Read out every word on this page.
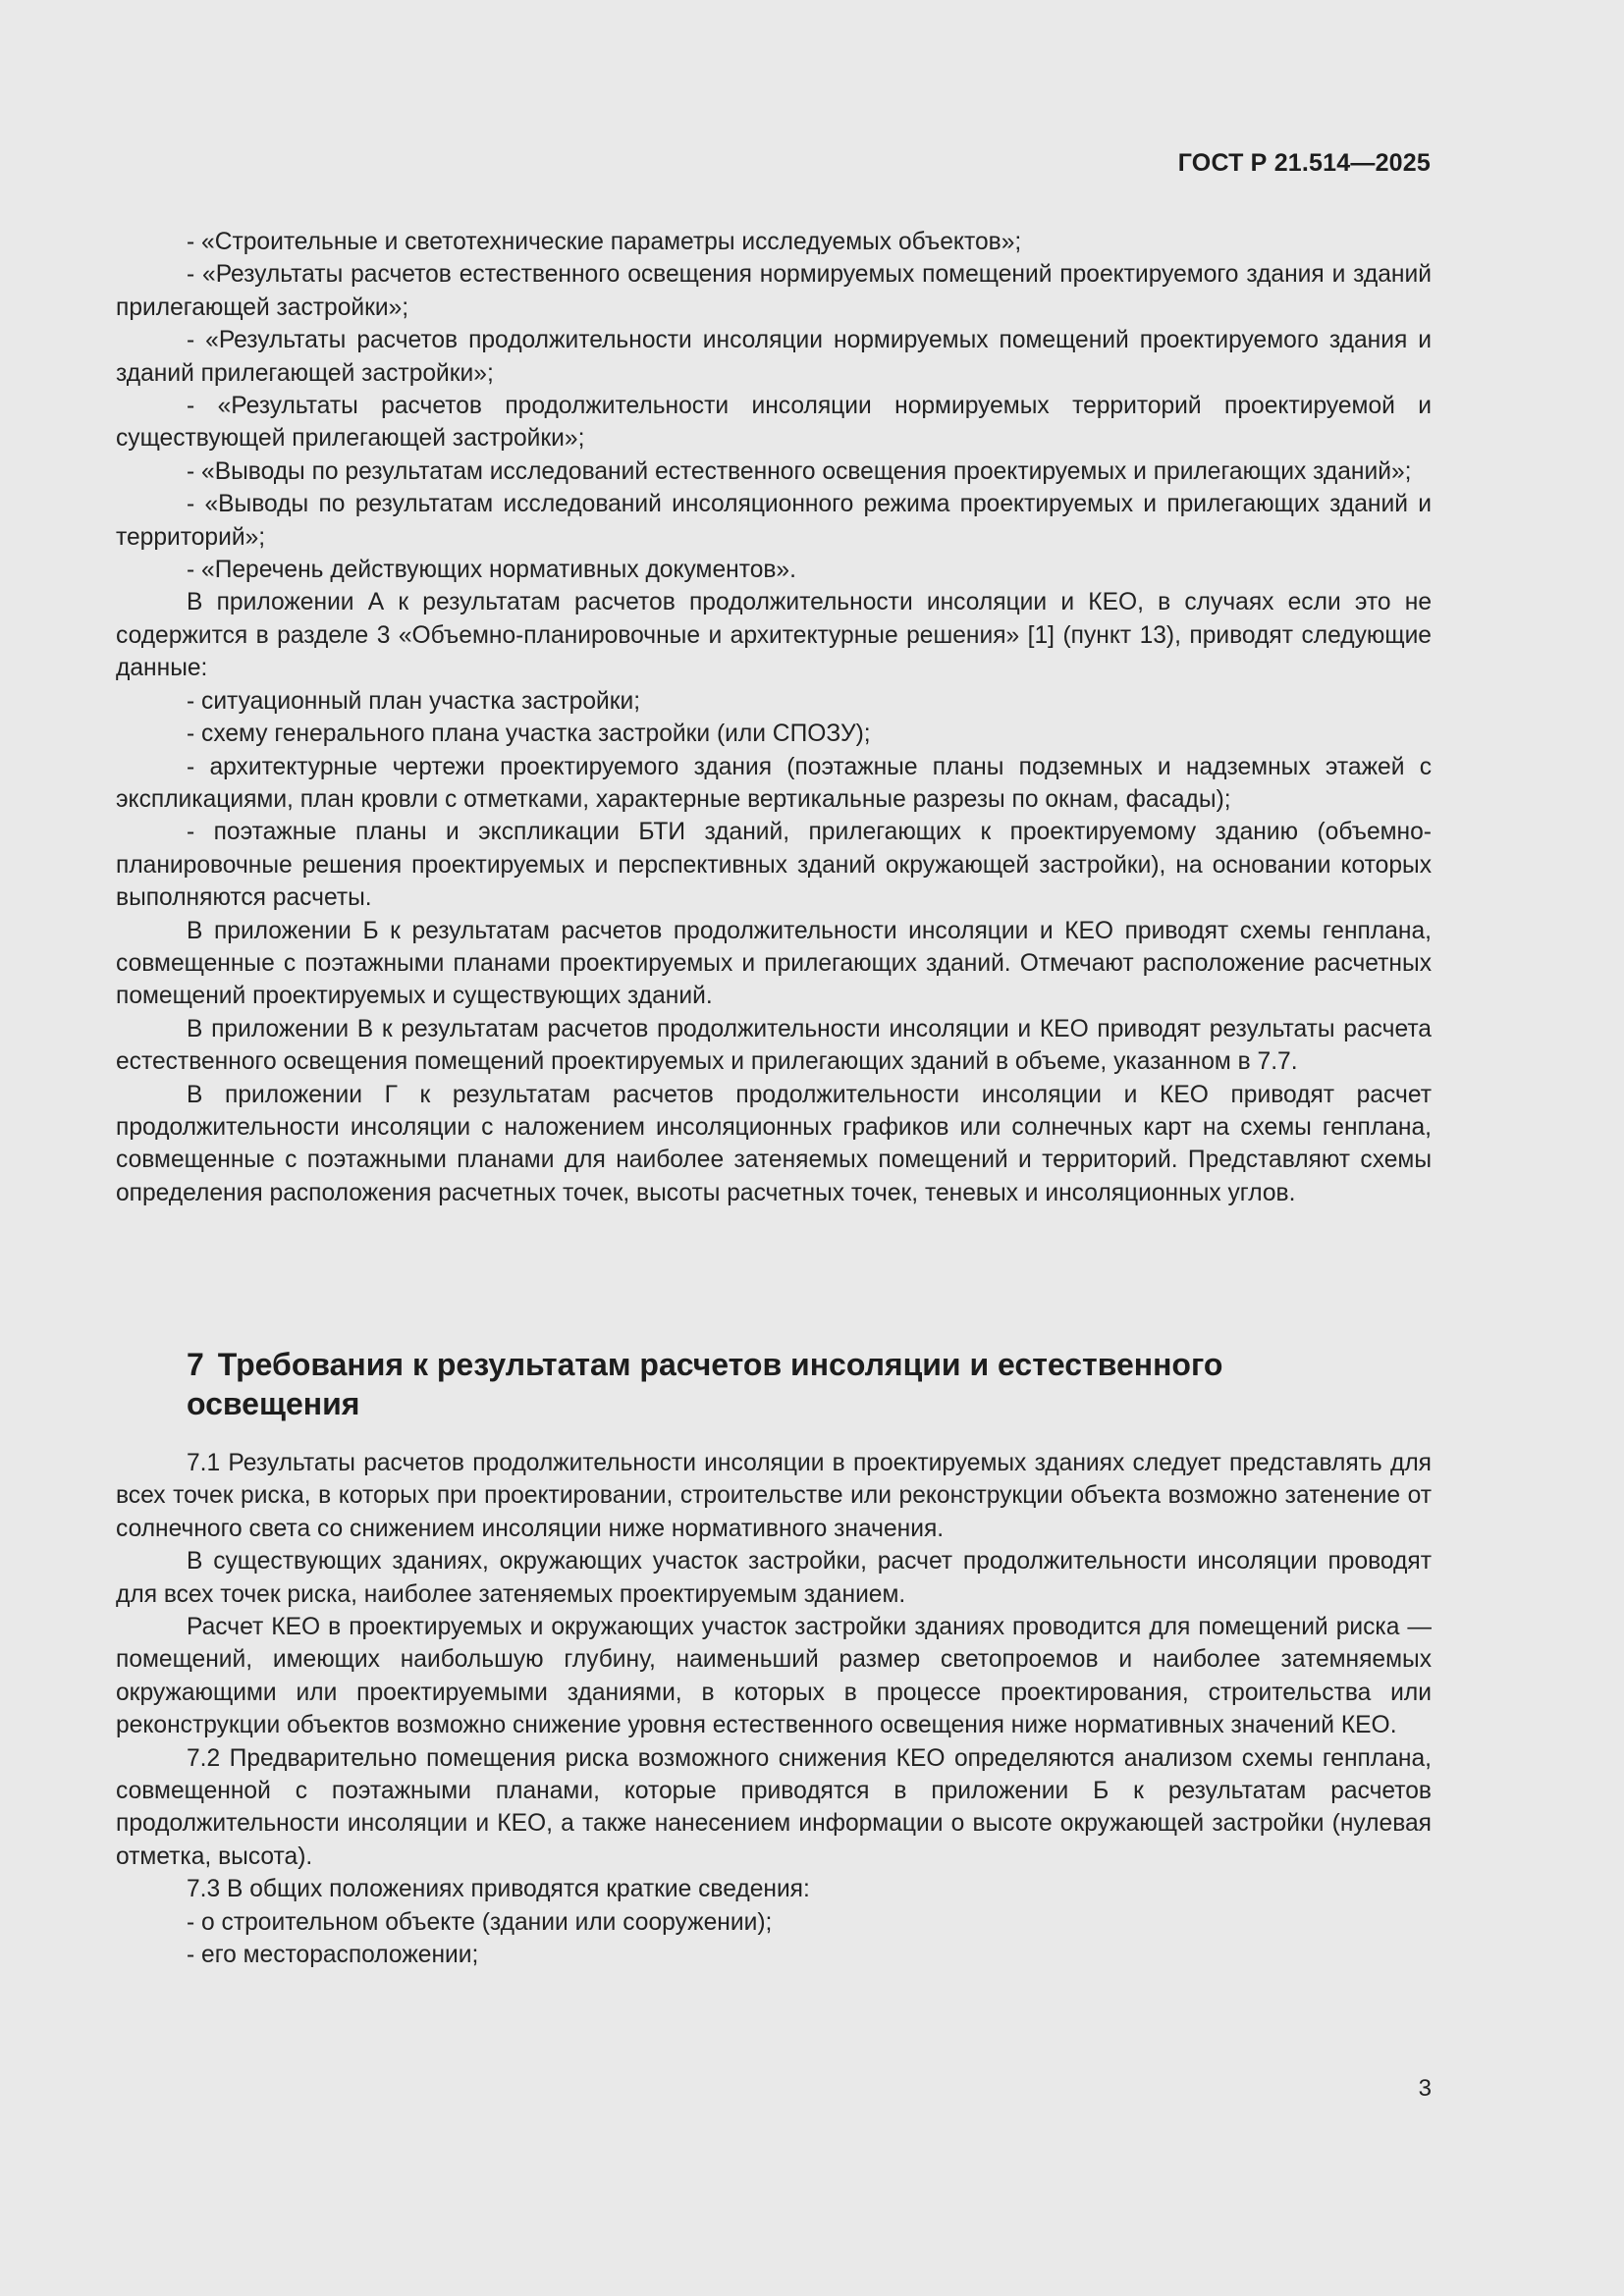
ГОСТ Р 21.514—2025

- «Строительные и светотехнические параметры исследуемых объектов»;

- «Результаты расчетов естественного освещения нормируемых помещений проектируемого здания и зданий прилегающей застройки»;

- «Результаты расчетов продолжительности инсоляции нормируемых помещений проектируемого здания и зданий прилегающей застройки»;

- «Результаты расчетов продолжительности инсоляции нормируемых территорий проектируемой и существующей прилегающей застройки»;

- «Выводы по результатам исследований естественного освещения проектируемых и прилегающих зданий»;

- «Выводы по результатам исследований инсоляционного режима проектируемых и прилегающих зданий и территорий»;

- «Перечень действующих нормативных документов».

В приложении А к результатам расчетов продолжительности инсоляции и КЕО, в случаях если это не содержится в разделе 3 «Объемно-планировочные и архитектурные решения» [1] (пункт 13), приводят следующие данные:

- ситуационный план участка застройки;

- схему генерального плана участка застройки (или СПОЗУ);

- архитектурные чертежи проектируемого здания (поэтажные планы подземных и надземных этажей с экспликациями, план кровли с отметками, характерные вертикальные разрезы по окнам, фасады);

- поэтажные планы и экспликации БТИ зданий, прилегающих к проектируемому зданию (объемно-планировочные решения проектируемых и перспективных зданий окружающей застройки), на основании которых выполняются расчеты.

В приложении Б к результатам расчетов продолжительности инсоляции и КЕО приводят схемы генплана, совмещенные с поэтажными планами проектируемых и прилегающих зданий. Отмечают расположение расчетных помещений проектируемых и существующих зданий.

В приложении В к результатам расчетов продолжительности инсоляции и КЕО приводят результаты расчета естественного освещения помещений проектируемых и прилегающих зданий в объеме, указанном в 7.7.

В приложении Г к результатам расчетов продолжительности инсоляции и КЕО приводят расчет продолжительности инсоляции с наложением инсоляционных графиков или солнечных карт на схемы генплана, совмещенные с поэтажными планами для наиболее затеняемых помещений и территорий. Представляют схемы определения расположения расчетных точек, высоты расчетных точек, теневых и инсоляционных углов.

7 Требования к результатам расчетов инсоляции и естественного освещения

7.1 Результаты расчетов продолжительности инсоляции в проектируемых зданиях следует представлять для всех точек риска, в которых при проектировании, строительстве или реконструкции объекта возможно затенение от солнечного света со снижением инсоляции ниже нормативного значения.

В существующих зданиях, окружающих участок застройки, расчет продолжительности инсоляции проводят для всех точек риска, наиболее затеняемых проектируемым зданием.

Расчет КЕО в проектируемых и окружающих участок застройки зданиях проводится для помещений риска — помещений, имеющих наибольшую глубину, наименьший размер светопроемов и наиболее затемняемых окружающими или проектируемыми зданиями, в которых в процессе проектирования, строительства или реконструкции объектов возможно снижение уровня естественного освещения ниже нормативных значений КЕО.

7.2 Предварительно помещения риска возможного снижения КЕО определяются анализом схемы генплана, совмещенной с поэтажными планами, которые приводятся в приложении Б к результатам расчетов продолжительности инсоляции и КЕО, а также нанесением информации о высоте окружающей застройки (нулевая отметка, высота).

7.3 В общих положениях приводятся краткие сведения:

- о строительном объекте (здании или сооружении);

- его месторасположении;

3
